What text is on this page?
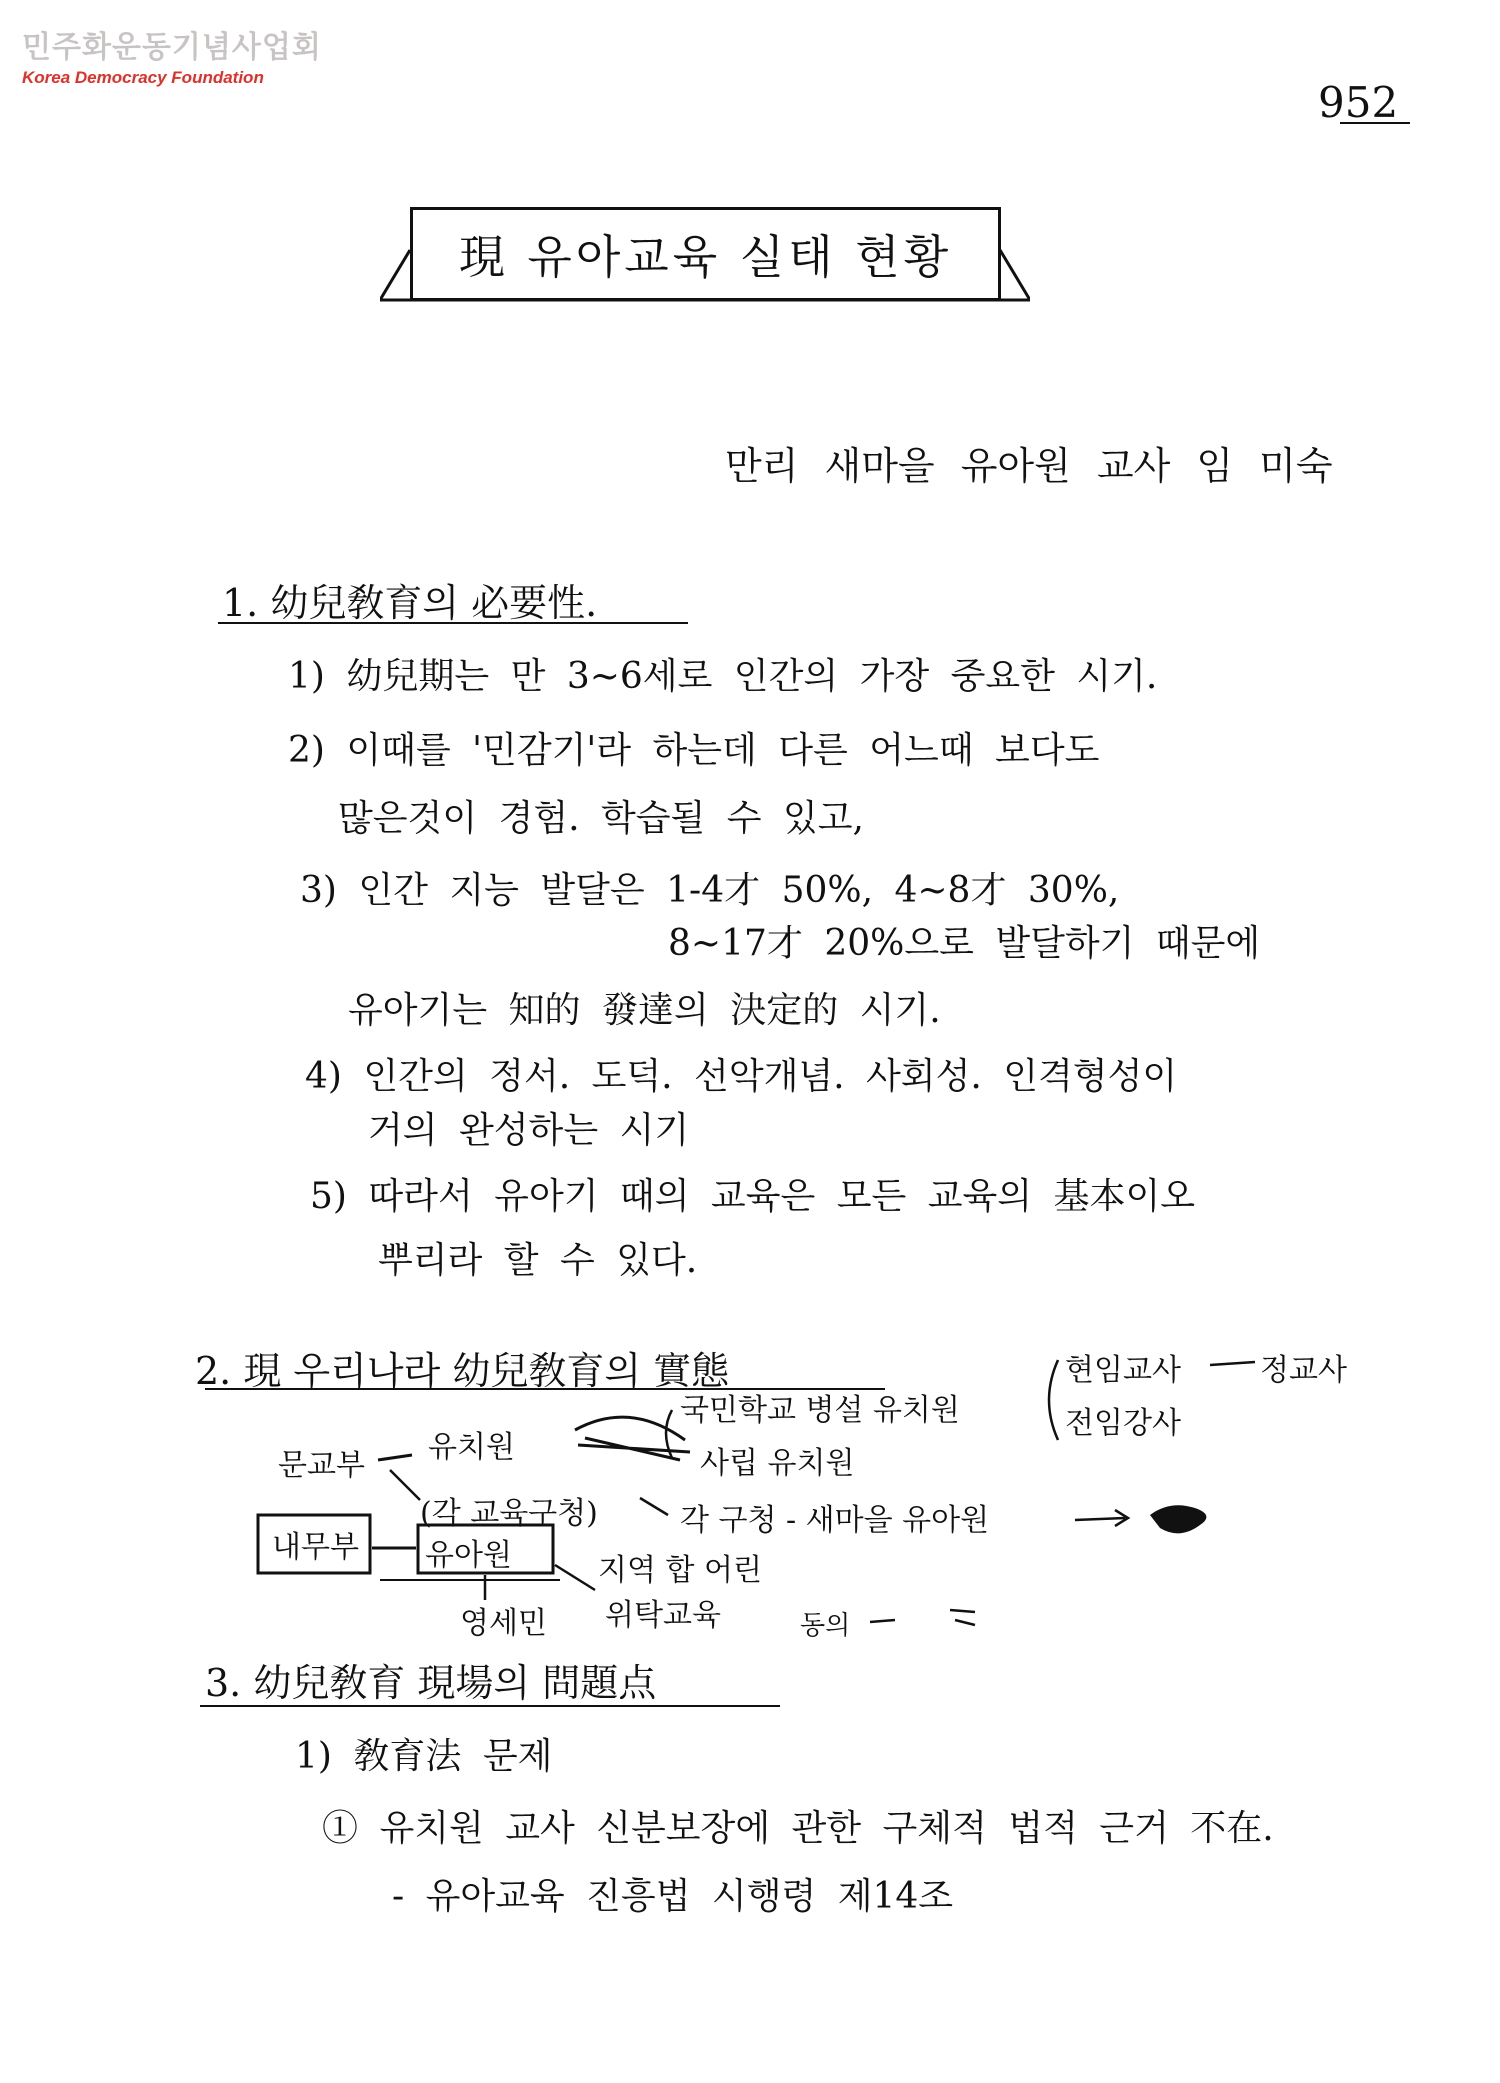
민주화운동기념사업회
Korea Democracy Foundation
952
現 유아교육 실태 현황
만리 새마을 유아원 교사 임 미숙
1. 幼兒敎育의 必要性.
1) 幼兒期는 만 3~6세로 인간의 가장 중요한 시기.
2) 이때를 '민감기'라 하는데 다른 어느때 보다도
많은것이 경험. 학습될 수 있고,
3) 인간 지능 발달은 1-4才 50%, 4~8才 30%,
8~17才 20%으로 발달하기 때문에
유아기는 知的 發達의 決定的 시기.
4) 인간의 정서. 도덕. 선악개념. 사회성. 인격형성이
거의 완성하는 시기
5) 따라서 유아기 때의 교육은 모든 교육의 基本이오
뿌리라 할 수 있다.
2. 現 우리나라 幼兒敎育의 實態	현임교사
전임강사
정교사
국민학교 병설 유치원
문교부
유치원	사립 유치원
(각 교육구청)	각 구청 - 새마을 유아원
내무부 유아원	지역 합 어린
영세민 위탁교육	동의
3. 幼兒敎育 現場의 問題点
1) 敎育法 문제
① 유치원 교사 신분보장에 관한 구체적 법적 근거 不在.
- 유아교육 진흥법 시행령 제14조
